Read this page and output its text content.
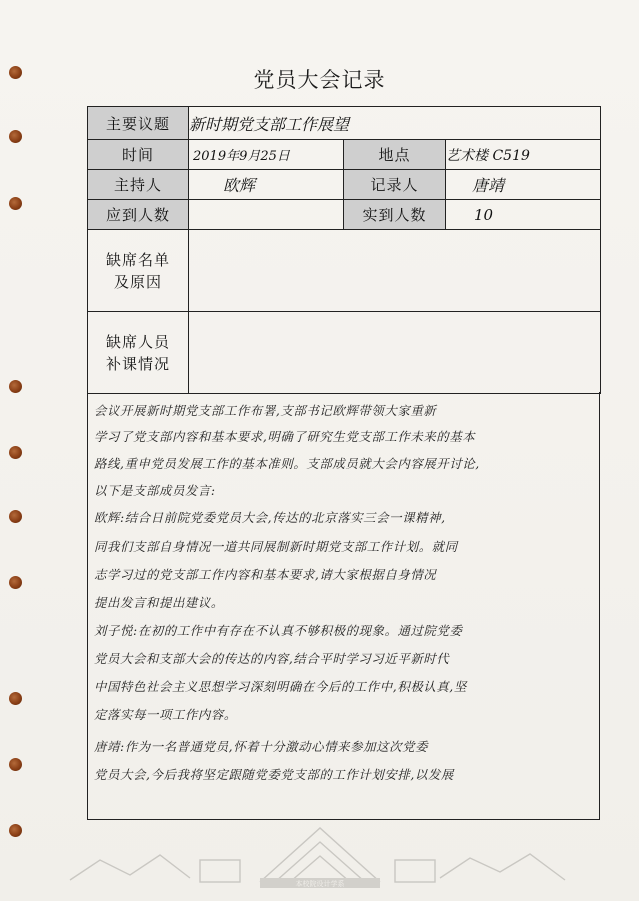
党员大会记录
主要议题	新时期党支部工作展望		
时间	2019年9月25日	地点	艺术楼 C519
主持人	欧辉	记录人	唐靖
应到人数		实到人数	10
缺席名单及原因			
缺席人员补课情况			
会议开展新时期党支部工作布署,支部书记欧辉带领大家重新
学习了党支部内容和基本要求,明确了研究生党支部工作未来的基本
路线,重申党员发展工作的基本准则。支部成员就大会内容展开讨论,
以下是支部成员发言:
欧辉:结合日前院党委党员大会,传达的北京落实三会一课精神,
同我们支部自身情况一道共同展制新时期党支部工作计划。就同
志学习过的党支部工作内容和基本要求,请大家根据自身情况
提出发言和提出建议。
刘子悦:在初的工作中有存在不认真不够积极的现象。通过院党委
党员大会和支部大会的传达的内容,结合平时学习习近平新时代
中国特色社会主义思想学习深刻明确在今后的工作中,积极认真,坚
定落实每一项工作内容。
唐靖:作为一名普通党员,怀着十分激动心情来参加这次党委
党员大会,今后我将坚定跟随党委党支部的工作计划安排,以发展
本校院设计学系
